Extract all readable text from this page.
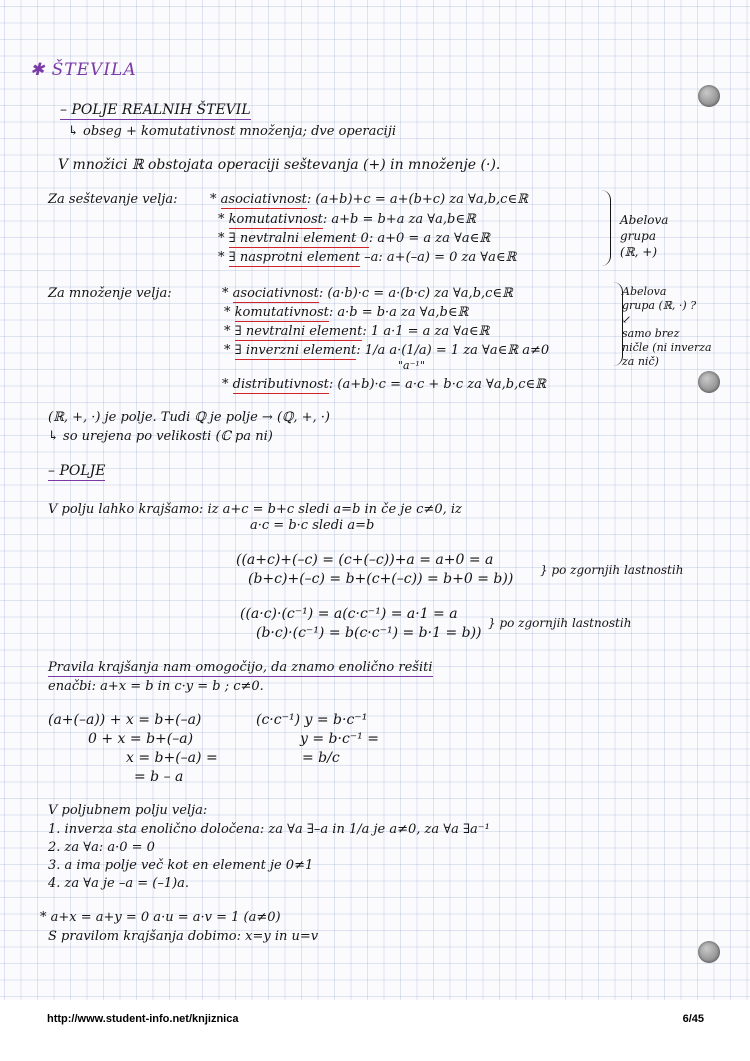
✱ ŠTEVILA
– POLJE REALNIH ŠTEVIL
↳ obseg + komutativnost množenja; dve operaciji
V množici ℝ obstojata operaciji seštevanja (+) in množenje (·).
Za seštevanje velja: * asociativnost: (a+b)+c = a+(b+c) za ∀a,b,c∈ℝ
* komutativnost: a+b = b+a za ∀a,b∈ℝ
* ∃ nevtralni element 0: a+0 = a za ∀a∈ℝ
* ∃ nasprotni element –a: a+(–a) = 0 za ∀a∈ℝ
Abelova
grupa
(ℝ, +)
Za množenje velja:	* asociativnost: (a·b)·c = a·(b·c) za ∀a,b,c∈ℝ
* komutativnost: a·b = b·a za ∀a,b∈ℝ
* ∃ nevtralni element: 1 a·1 = a za ∀a∈ℝ
* ∃ inverzni element: 1/a a·(1/a) = 1 za ∀a∈ℝ a≠0
"a⁻¹"
* distributivnost: (a+b)·c = a·c + b·c za ∀a,b,c∈ℝ
Abelova
grupa (ℝ, ·) ?
↙
samo brez
ničle (ni inverza
za nič)
(ℝ, +, ·) je polje. Tudi ℚ je polje → (ℚ, +, ·)
↳ so urejena po velikosti (ℂ pa ni)
– POLJE
V polju lahko krajšamo: iz a+c = b+c sledi a=b in če je c≠0, iz
a·c = b·c sledi a=b
((a+c)+(–c) = (c+(–c))+a = a+0 = a
(b+c)+(–c) = b+(c+(–c)) = b+0 = b))
} po zgornjih lastnostih
((a·c)·(c⁻¹) = a(c·c⁻¹) = a·1 = a
(b·c)·(c⁻¹) = b(c·c⁻¹) = b·1 = b))
} po zgornjih lastnostih
Pravila krajšanja nam omogočijo, da znamo enolično rešiti
enačbi: a+x = b in c·y = b ; c≠0.
(a+(–a)) + x = b+(–a)
0 + x = b+(–a)
x = b+(–a) =
= b – a
(c·c⁻¹) y = b·c⁻¹
y = b·c⁻¹ =
= b/c
V poljubnem polju velja:
1. inverza sta enolično določena: za ∀a ∃–a in 1/a je a≠0, za ∀a ∃a⁻¹
2. za ∀a: a·0 = 0
3. a ima polje več kot en element je 0≠1
4. za ∀a je –a = (–1)a.
* a+x = a+y = 0 a·u = a·v = 1 (a≠0)
S pravilom krajšanja dobimo: x=y in u=v
http://www.student-info.net/knjiznica	6/45
